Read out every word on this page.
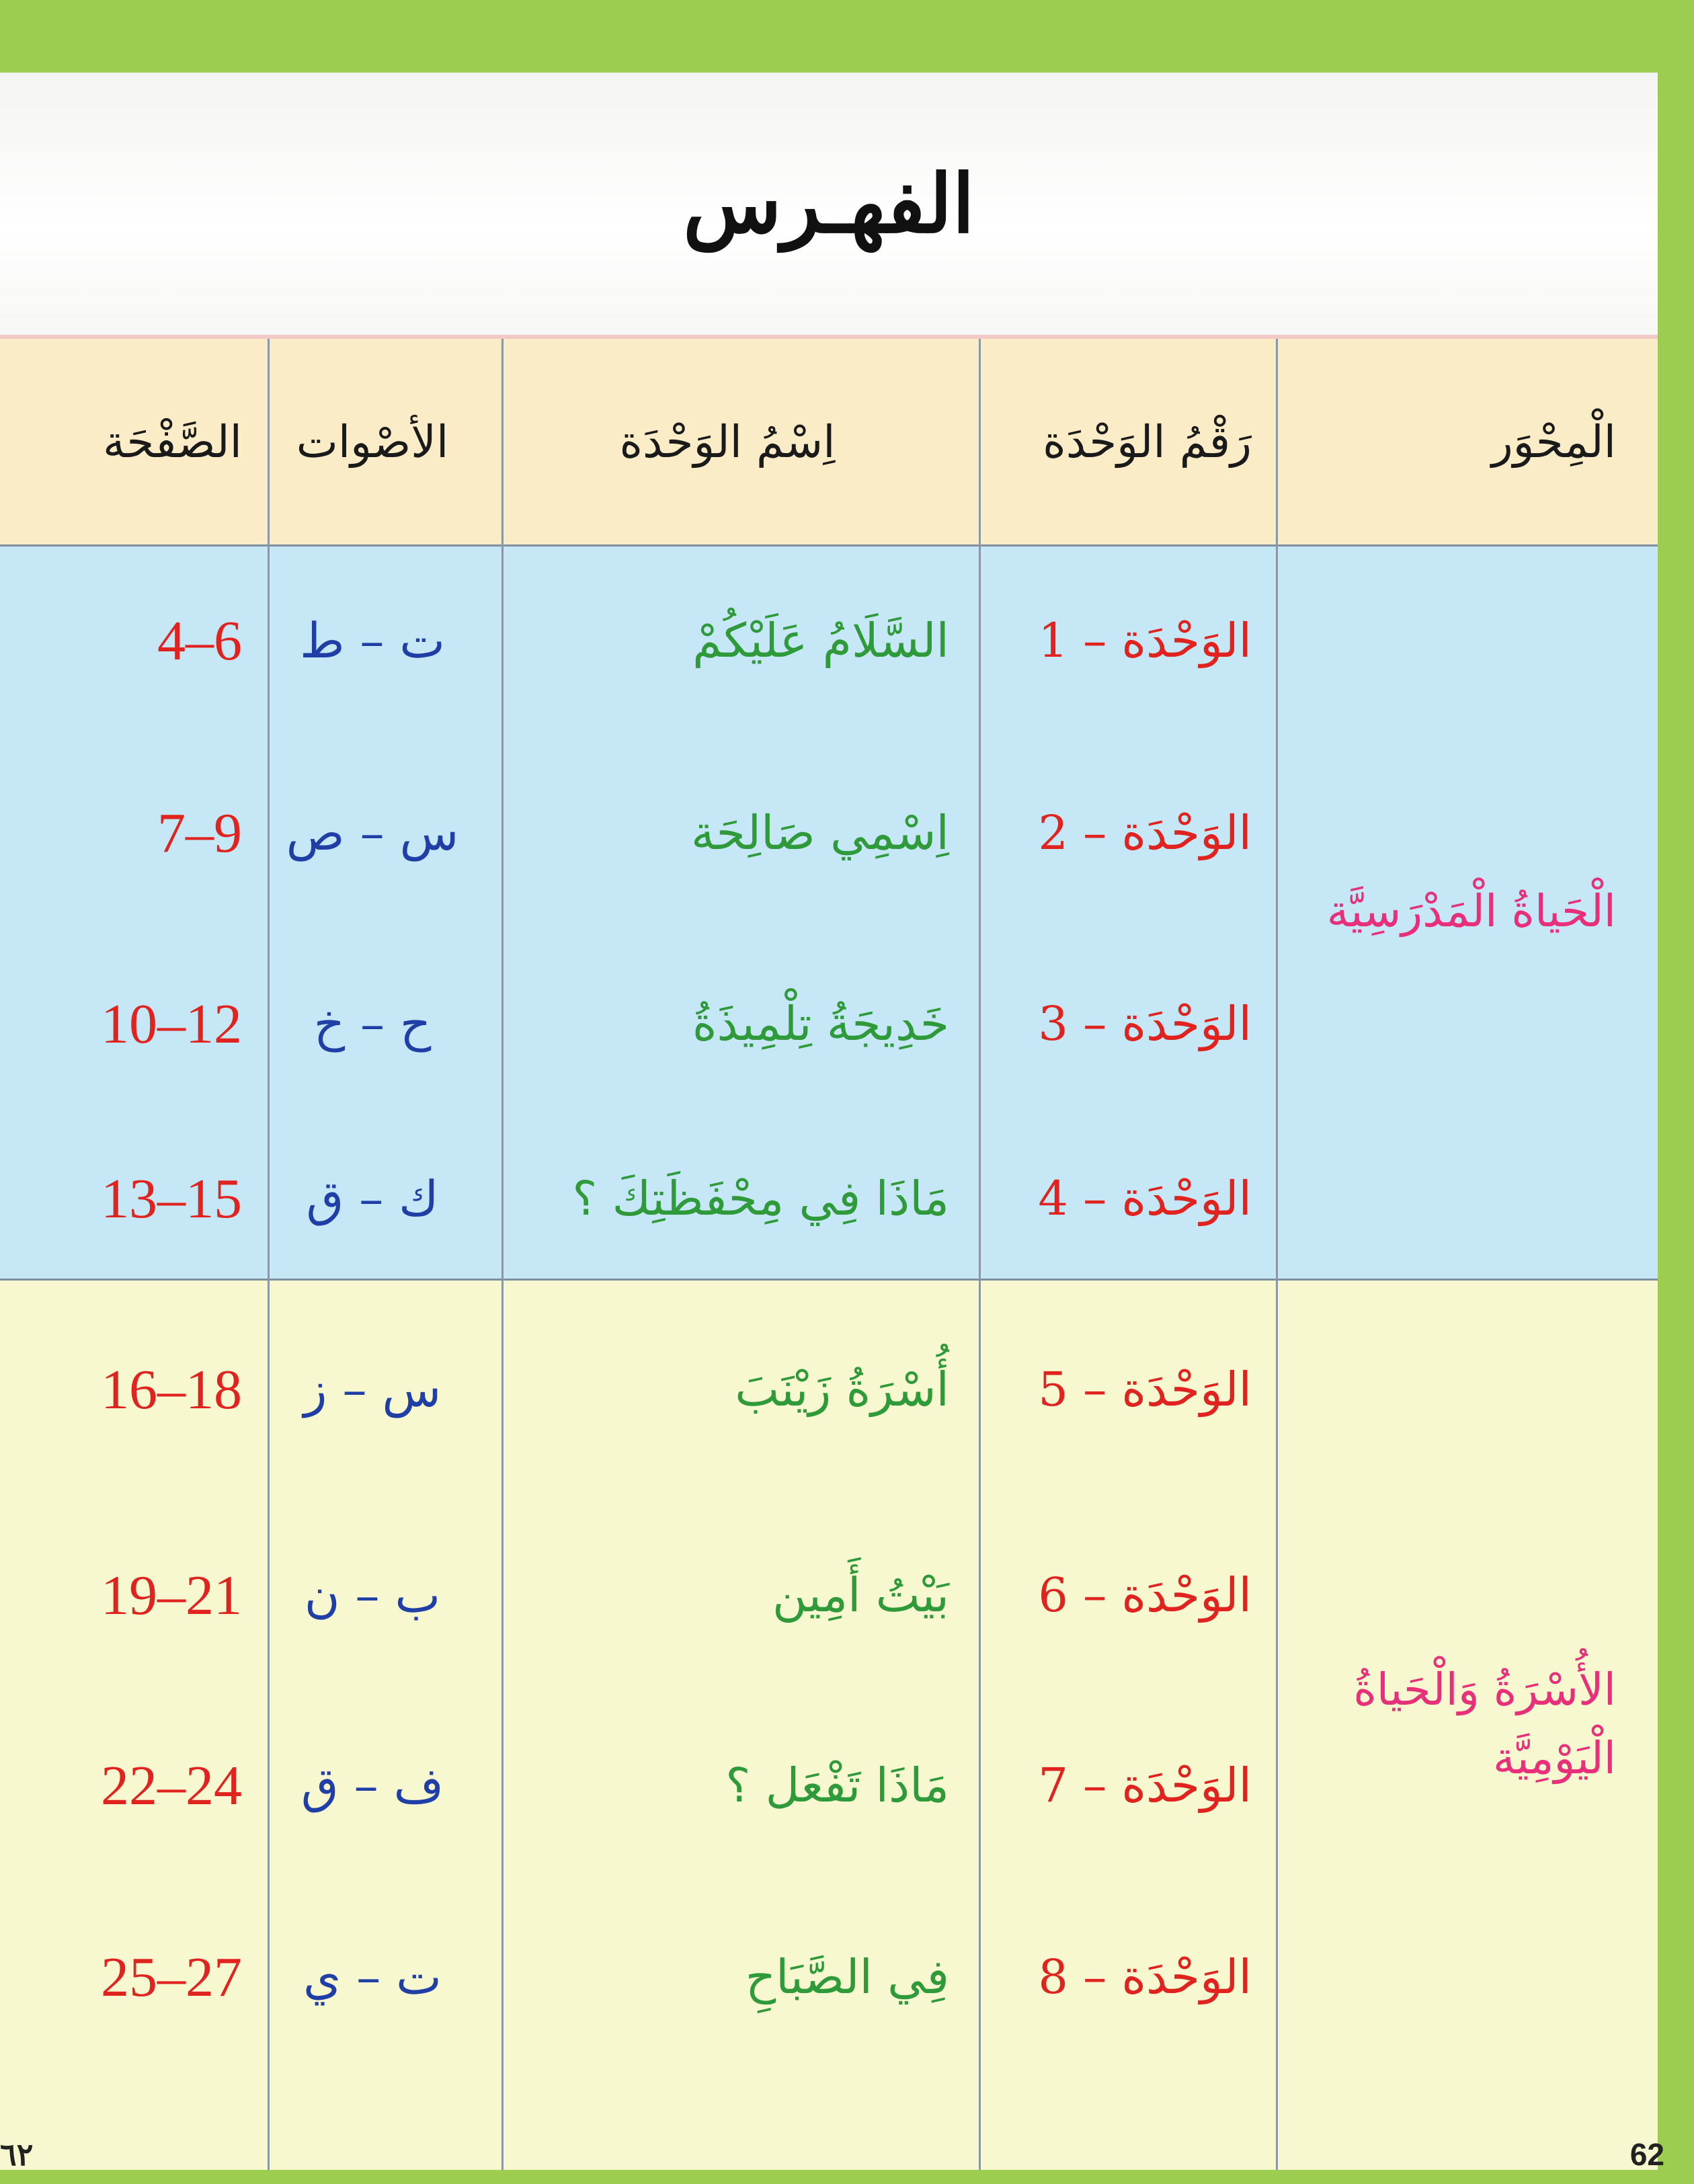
الفهـرس
الْمِحْوَر
رَقْمُ الوَحْدَة
اِسْمُ الوَحْدَة
الأصْوات
الصَّفْحَة
الْحَياةُ الْمَدْرَسِيَّة
الأُسْرَةُ وَالْحَياةُ الْيَوْمِيَّة
الوَحْدَة – 1
السَّلَامُ عَلَيْكُمْ
ت – ط
4–6
الوَحْدَة – 2
اِسْمِي صَالِحَة
س – ص
7–9
الوَحْدَة – 3
خَدِيجَةُ تِلْمِيذَةُ
ح – خ
10–12
الوَحْدَة – 4
مَاذَا فِي مِحْفَظَتِكَ ؟
ك – ق
13–15
الوَحْدَة – 5
أُسْرَةُ زَيْنَبَ
س – ز
16–18
الوَحْدَة – 6
بَيْتُ أَمِين
ب – ن
19–21
الوَحْدَة – 7
مَاذَا تَفْعَل ؟
ف – ق
22–24
الوَحْدَة – 8
فِي الصَّبَاحِ
ت – ي
25–27
62
٦٢
